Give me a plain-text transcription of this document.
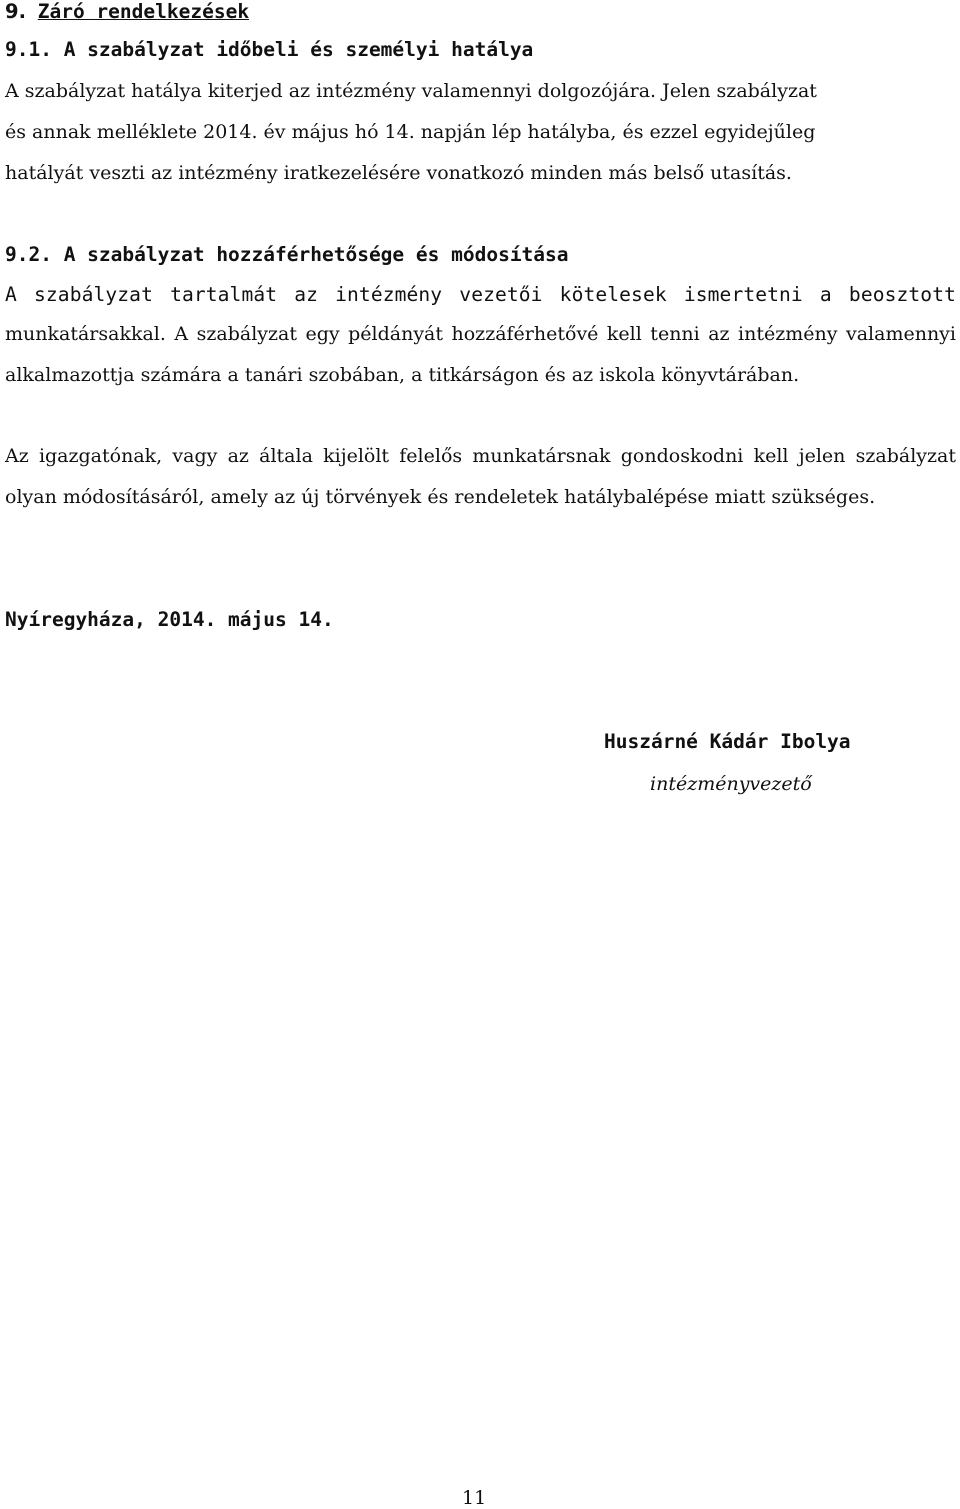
9. Záró rendelkezések

9.1. A szabályzat időbeli és személyi hatálya

A szabályzat hatálya kiterjed az intézmény valamennyi dolgozójára. Jelen szabályzat

és annak melléklete 2014. év május hó 14. napján lép hatályba, és ezzel egyidejűleg

hatályát veszti az intézmény iratkezelésére vonatkozó minden más belső utasítás.

9.2. A szabályzat hozzáférhetősége és módosítása

A szabályzat tartalmát az intézmény vezetői kötelesek ismertetni a beosztott

munkatársakkal. A szabályzat egy példányát hozzáférhetővé kell tenni az intézmény valamennyi alkalmazottja számára a tanári szobában, a titkárságon és az iskola könyvtárában.

Az igazgatónak, vagy az általa kijelölt felelős munkatársnak gondoskodni kell jelen szabályzat olyan módosításáról, amely az új törvények és rendeletek hatálybalépése miatt szükséges.

Nyíregyháza, 2014. május 14.

Huszárné Kádár Ibolya

intézményvezető

11
